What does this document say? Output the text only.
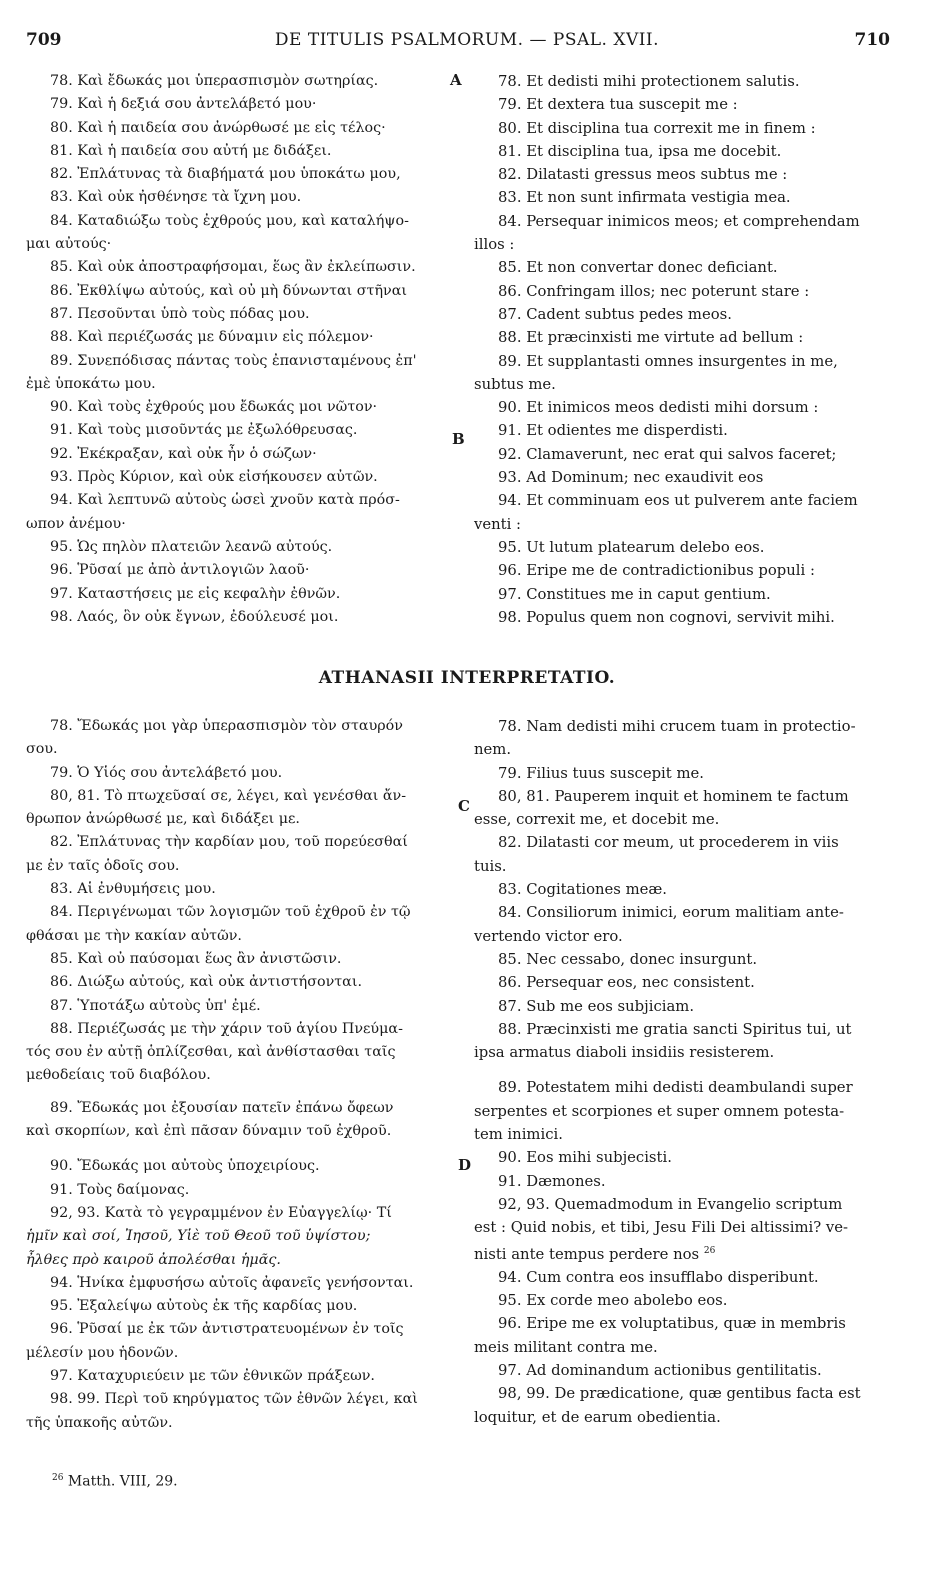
709	DE TITULIS PSALMORUM. — PSAL. XVII.	710
78. Καὶ ἔδωκάς μοι ὑπερασπισμὸν σωτηρίας.
79. Καὶ ἡ δεξιά σου ἀντελάβετό μου·
80. Καὶ ἡ παιδεία σου ἀνώρθωσέ με εἰς τέλος·
81. Καὶ ἡ παιδεία σου αὐτή με διδάξει.
82. Ἐπλάτυνας τὰ διαβήματά μου ὑποκάτω μου,
83. Καὶ οὐκ ἠσθένησε τὰ ἴχνη μου.
84. Καταδιώξω τοὺς ἐχθρούς μου, καὶ καταλήψο-
μαι αὐτούς·
85. Καὶ οὐκ ἀποστραφήσομαι, ἕως ἂν ἐκλείπωσιν.
86. Ἐκθλίψω αὐτούς, καὶ οὐ μὴ δύνωνται στῆναι
87. Πεσοῦνται ὑπὸ τοὺς πόδας μου.
88. Καὶ περιέζωσάς με δύναμιν εἰς πόλεμον·
89. Συνεπόδισας πάντας τοὺς ἐπανισταμένους ἐπ'
ἐμὲ ὑποκάτω μου.
90. Καὶ τοὺς ἐχθρούς μου ἔδωκάς μοι νῶτον·
91. Καὶ τοὺς μισοῦντάς με ἐξωλόθρευσας.
92. Ἐκέκραξαν, καὶ οὐκ ἦν ὁ σώζων·
93. Πρὸς Κύριον, καὶ οὐκ εἰσήκουσεν αὐτῶν.
94. Καὶ λεπτυνῶ αὐτοὺς ὡσεὶ χνοῦν κατὰ πρόσ-
ωπον ἀνέμου·
95. Ὡς πηλὸν πλατειῶν λεανῶ αὐτούς.
96. Ῥῦσαί με ἀπὸ ἀντιλογιῶν λαοῦ·
97. Καταστήσεις με εἰς κεφαλὴν ἐθνῶν.
98. Λαός, ὃν οὐκ ἔγνων, ἐδούλευσέ μοι.
78. Et dedisti mihi protectionem salutis.
79. Et dextera tua suscepit me :
80. Et disciplina tua correxit me in finem :
81. Et disciplina tua, ipsa me docebit.
82. Dilatasti gressus meos subtus me :
83. Et non sunt infirmata vestigia mea.
84. Persequar inimicos meos; et comprehendam
illos :
85. Et non convertar donec deficiant.
86. Confringam illos; nec poterunt stare :
87. Cadent subtus pedes meos.
88. Et præcinxisti me virtute ad bellum :
89. Et supplantasti omnes insurgentes in me,
subtus me.
90. Et inimicos meos dedisti mihi dorsum :
91. Et odientes me disperdisti.
92. Clamaverunt, nec erat qui salvos faceret;
93. Ad Dominum; nec exaudivit eos
94. Et comminuam eos ut pulverem ante faciem
venti :
95. Ut lutum platearum delebo eos.
96. Eripe me de contradictionibus populi :
97. Constitues me in caput gentium.
98. Populus quem non cognovi, servivit mihi.
A
B
C
D
ATHANASII INTERPRETATIO.
78. Ἔδωκάς μοι γὰρ ὑπερασπισμὸν τὸν σταυρόν
σου.
79. Ὁ Υἱός σου ἀντελάβετό μου.
80, 81. Τὸ πτωχεῦσαί σε, λέγει, καὶ γενέσθαι ἄν-
θρωπον ἀνώρθωσέ με, καὶ διδάξει με.
82. Ἐπλάτυνας τὴν καρδίαν μου, τοῦ πορεύεσθαί
με ἐν ταῖς ὁδοῖς σου.
83. Αἱ ἐνθυμήσεις μου.
84. Περιγένωμαι τῶν λογισμῶν τοῦ ἐχθροῦ ἐν τῷ
φθάσαι με τὴν κακίαν αὐτῶν.
85. Καὶ οὐ παύσομαι ἕως ἂν ἀνιστῶσιν.
86. Διώξω αὐτούς, καὶ οὐκ ἀντιστήσονται.
87. Ὑποτάξω αὐτοὺς ὑπ' ἐμέ.
88. Περιέζωσάς με τὴν χάριν τοῦ ἁγίου Πνεύμα-
τός σου ἐν αὐτῇ ὁπλίζεσθαι, καὶ ἀνθίστασθαι ταῖς
μεθοδείαις τοῦ διαβόλου.
89. Ἔδωκάς μοι ἐξουσίαν πατεῖν ἐπάνω ὄφεων
καὶ σκορπίων, καὶ ἐπὶ πᾶσαν δύναμιν τοῦ ἐχθροῦ.
90. Ἔδωκάς μοι αὐτοὺς ὑποχειρίους.
91. Τοὺς δαίμονας.
92, 93. Κατὰ τὸ γεγραμμένον ἐν Εὐαγγελίῳ· Τί
ἡμῖν καὶ σοί, Ἰησοῦ, Υἱὲ τοῦ Θεοῦ τοῦ ὑψίστου;
ἦλθες πρὸ καιροῦ ἀπολέσθαι ἡμᾶς.
94. Ἡνίκα ἐμφυσήσω αὐτοῖς ἀφανεῖς γενήσονται.
95. Ἐξαλείψω αὐτοὺς ἐκ τῆς καρδίας μου.
96. Ῥῦσαί με ἐκ τῶν ἀντιστρατευομένων ἐν τοῖς
μέλεσίν μου ἡδονῶν.
97. Καταχυριεύειν με τῶν ἐθνικῶν πράξεων.
98. 99. Περὶ τοῦ κηρύγματος τῶν ἐθνῶν λέγει, καὶ
τῆς ὑπακοῆς αὐτῶν.
78. Nam dedisti mihi crucem tuam in protectio-
nem.
79. Filius tuus suscepit me.
80, 81. Pauperem inquit et hominem te factum
esse, correxit me, et docebit me.
82. Dilatasti cor meum, ut procederem in viis
tuis.
83. Cogitationes meæ.
84. Consiliorum inimici, eorum malitiam ante-
vertendo victor ero.
85. Nec cessabo, donec insurgunt.
86. Persequar eos, nec consistent.
87. Sub me eos subjiciam.
88. Præcinxisti me gratia sancti Spiritus tui, ut
ipsa armatus diaboli insidiis resisterem.
89. Potestatem mihi dedisti deambulandi super
serpentes et scorpiones et super omnem potesta-
tem inimici.
90. Eos mihi subjecisti.
91. Dæmones.
92, 93. Quemadmodum in Evangelio scriptum
est : Quid nobis, et tibi, Jesu Fili Dei altissimi? ve-
nisti ante tempus perdere nos $^{26}$
94. Cum contra eos insufflabo disperibunt.
95. Ex corde meo abolebo eos.
96. Eripe me ex voluptatibus, quæ in membris
meis militant contra me.
97. Ad dominandum actionibus gentilitatis.
98, 99. De prædicatione, quæ gentibus facta est
loquitur, et de earum obedientia.
$^{26}$ Matth. VIII, 29.
